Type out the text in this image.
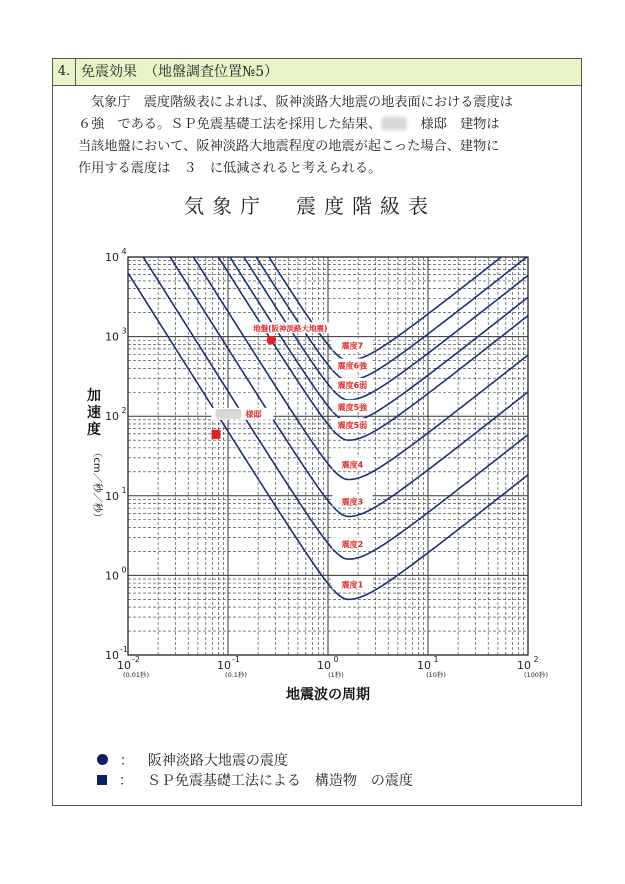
4. 免震効果　（地盤調査位置№5）
気象庁　震度階級表によれば、阪神淡路大地震の地表面における震度は
６強　である。ＳＰ免震基礎工法を採用した結果、　	様邸　建物は
当該地盤において、阪神淡路大地震程度の地震が起こった場合、建物に
作用する震度は　３　に低減されると考えられる。
気象庁　震度階級表
震度1
震度2
震度3
震度4
震度5弱
震度5強
震度6弱
震度6強
震度7
10 -2
(0.01秒)
10 -1
(0.1秒)
10 0
(1秒)
10 1
(10秒)
10 2
(100秒)
10 4
10 3
10 2
10 1
10 0
10 -1
地盤(阪神淡路大地震)
様邸
地震波の周期
加
速
度
（cm／秒／秒）

： 阪神淡路大地震の震度

： ＳＰ免震基礎工法による　構造物　の震度
